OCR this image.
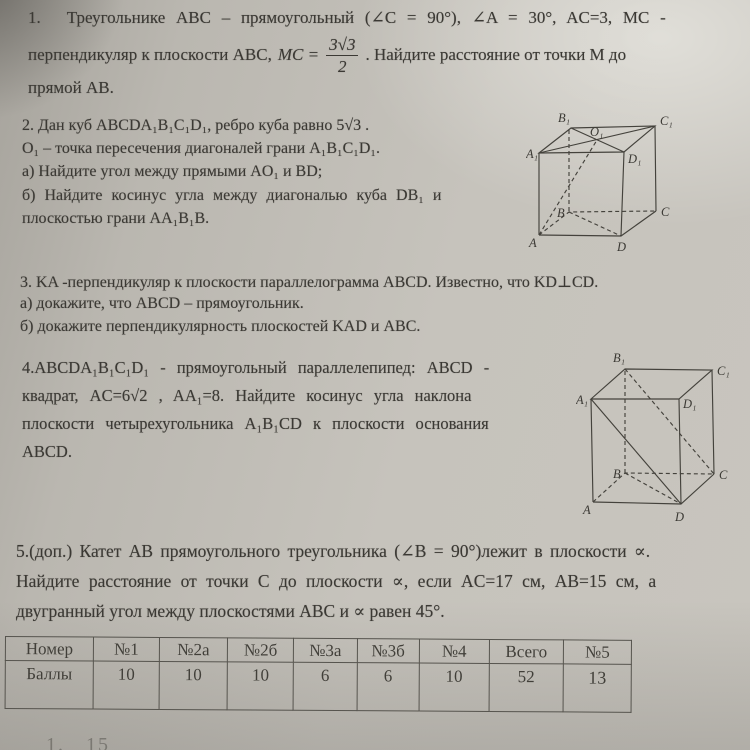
1. Треугольнике ABC – прямоугольный (∠C = 90°), ∠A = 30°, AC=3, MC -
перпендикуляр к плоскости ABC, MC = $\frac{3√3}{2}$ . Найдите расстояние от точки M до
прямой AB.
2. Дан куб ABCDA₁B₁C₁D₁, ребро куба равно 5√3 .
O₁ – точка пересечения диагоналей грани A₁B₁C₁D₁.
а) Найдите угол между прямыми AO₁ и BD;
б) Найдите косинус угла между диагональю куба DB₁ и
плоскостью грани AA₁B₁B.
B₁	C₁
A₁	D₁
O₁
B	C
A	D
3. KA -перпендикуляр к плоскости параллелограмма ABCD. Известно, что KD⊥CD.
а) докажите, что ABCD – прямоугольник.
б) докажите перпендикулярность плоскостей KAD и ABC.
4.ABCDA₁B₁C₁D₁ - прямоугольный параллелепипед: ABCD -
квадрат, AC=6√2 , AA₁=8. Найдите косинус угла наклона
плоскости четырехугольника A₁B₁CD к плоскости основания
ABCD.
B₁
C₁
A₁	D₁
B	C
A	D
5.(доп.) Катет AB прямоугольного треугольника (∠B = 90°)лежит в плоскости ∝.
Найдите расстояние от точки C до плоскости ∝, если AC=17 см, AB=15 см, а
двугранный угол между плоскостями ABC и ∝ равен 45°.
Номер	№1	№2а	№2б	№3а	№3б	№4	Всего	№5
Баллы	10	10	10	6	6	10	52	13
1. 15
